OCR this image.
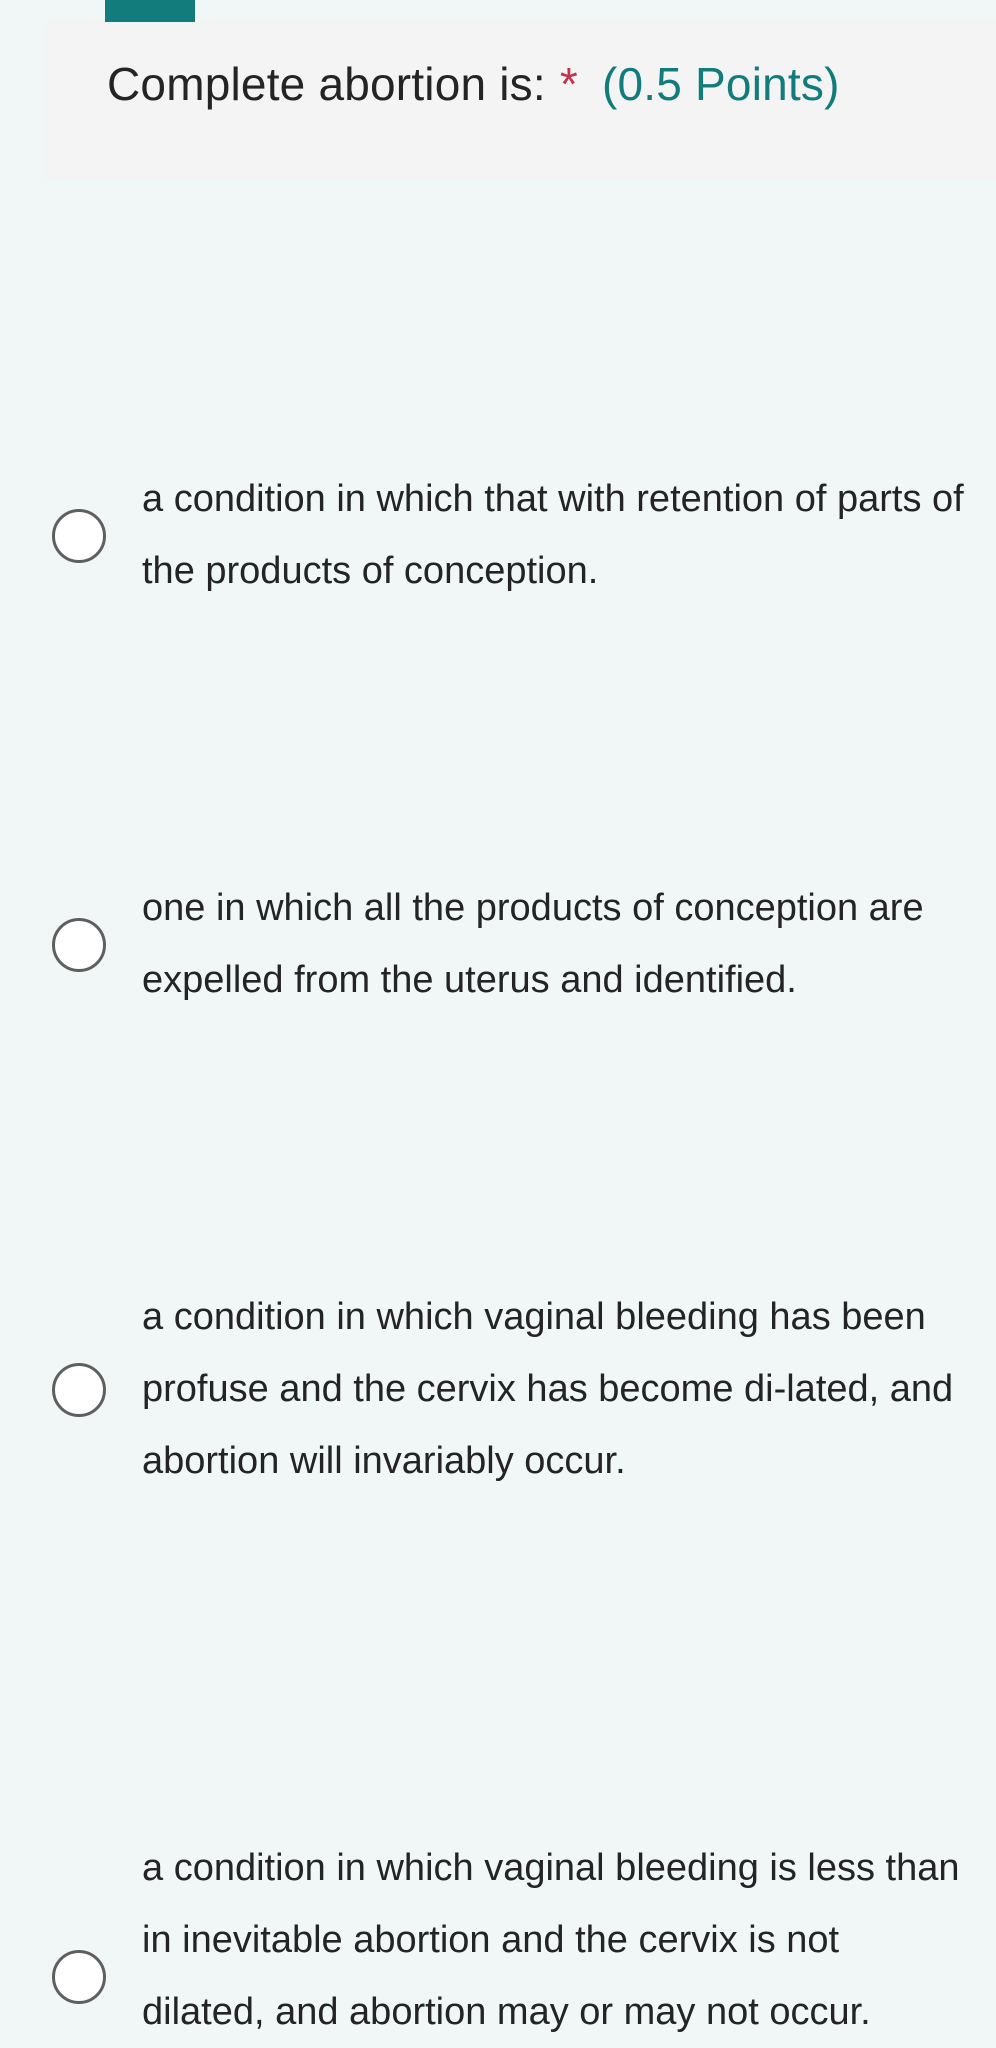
Complete abortion is: * (0.5 Points)
a condition in which that with retention of parts of the products of conception.
one in which all the products of conception are expelled from the uterus and identified.
a condition in which vaginal bleeding has been profuse and the cervix has become di-lated, and abortion will invariably occur.
a condition in which vaginal bleeding is less than in inevitable abortion and the cervix is not dilated, and abortion may or may not occur.
